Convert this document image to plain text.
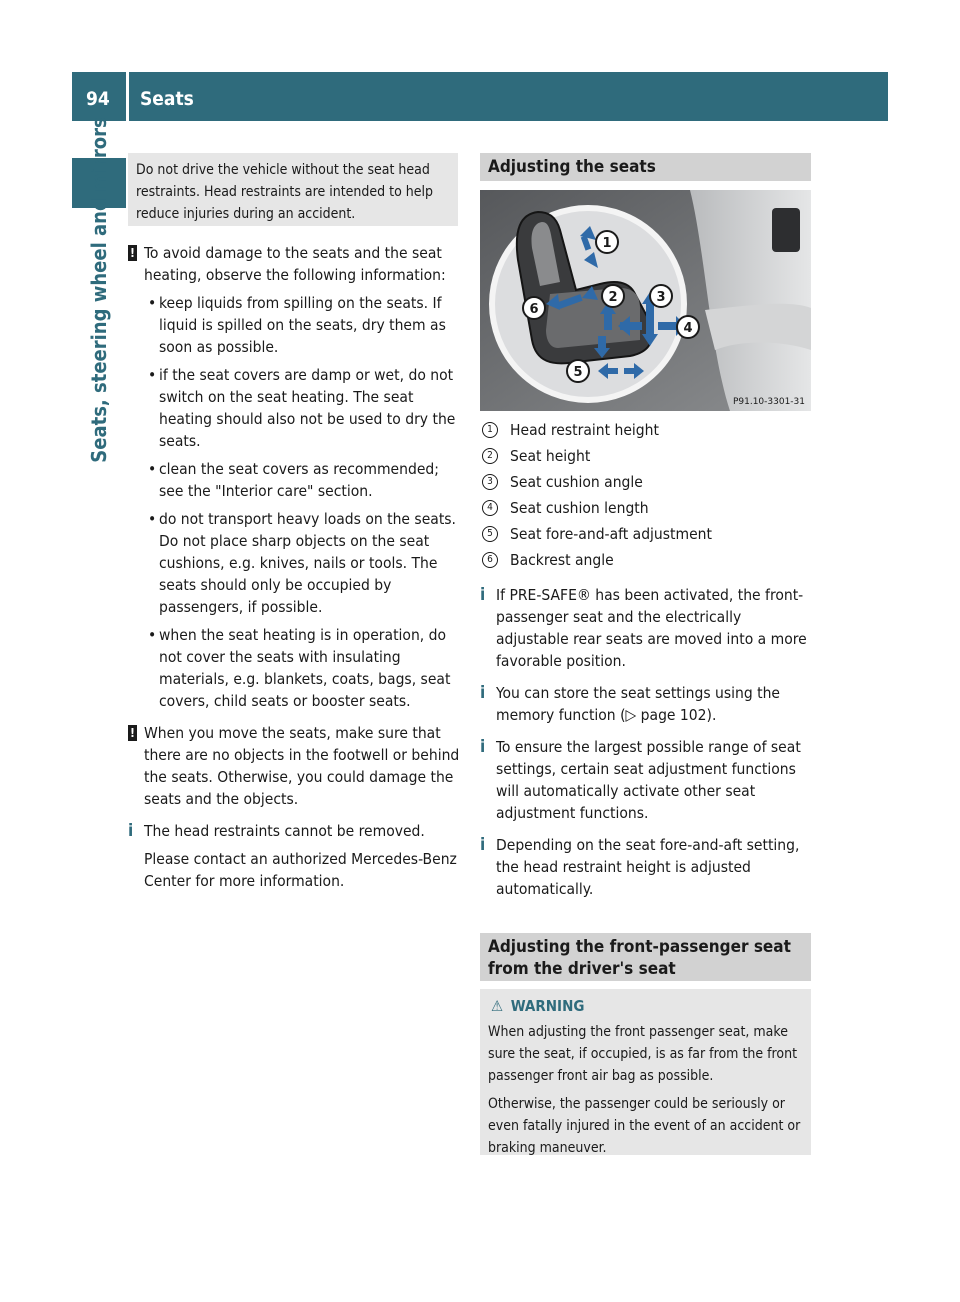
94 Seats
Seats, steering wheel and mirrors	Do not drive the vehicle without the seat head restraints. Head restraints are intended to help reduce injuries during an accident.
! To avoid damage to the seats and the seat heating, observe the following information:
• keep liquids from spilling on the seats. If liquid is spilled on the seats, dry them as soon as possible.
• if the seat covers are damp or wet, do not switch on the seat heating. The seat heating should also not be used to dry the seats.
• clean the seat covers as recommended; see the "Interior care" section.
• do not transport heavy loads on the seats. Do not place sharp objects on the seat cushions, e.g. knives, nails or tools. The seats should only be occupied by passengers, if possible.
• when the seat heating is in operation, do not cover the seats with insulating materials, e.g. blankets, coats, bags, seat covers, child seats or booster seats.
! When you move the seats, make sure that there are no objects in the footwell or behind the seats. Otherwise, you could damage the seats and the objects.
i The head restraints cannot be removed.
Please contact an authorized Mercedes-Benz Center for more information.
Adjusting the seats
1
2	3
4
5
6
P91.10-3301-31
1	Head restraint height
2	Seat height
3	Seat cushion angle
4	Seat cushion length
5	Seat fore-and-aft adjustment
6	Backrest angle
i If PRE-SAFE® has been activated, the front-passenger seat and the electrically adjustable rear seats are moved into a more favorable position.
i You can store the seat settings using the memory function (▷ page 102).
i To ensure the largest possible range of seat settings, certain seat adjustment functions will automatically activate other seat adjustment functions.
i Depending on the seat fore-and-aft setting, the head restraint height is adjusted automatically.
Adjusting the front-passenger seat
from the driver's seat
⚠ WARNING
When adjusting the front passenger seat, make sure the seat, if occupied, is as far from the front passenger front air bag as possible.
Otherwise, the passenger could be seriously or even fatally injured in the event of an accident or braking maneuver.
